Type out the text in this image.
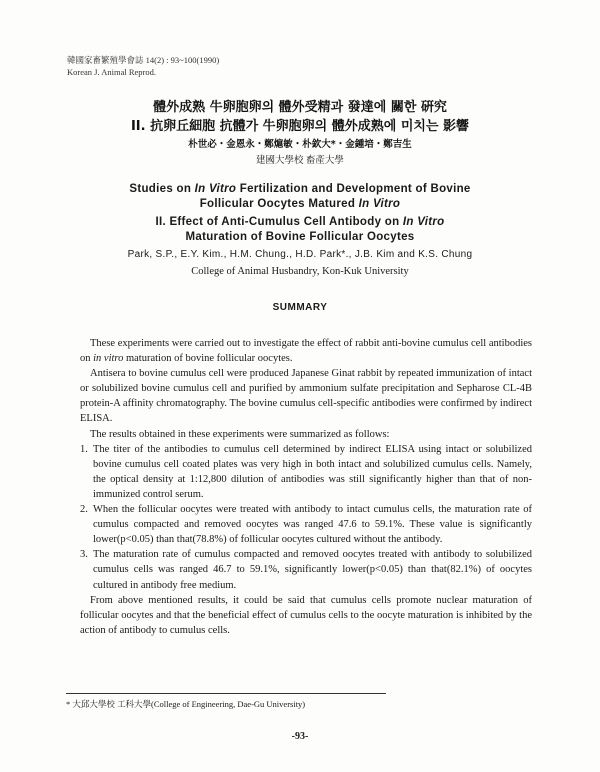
韓國家畜繁殖學會誌 14(2) : 93~100(1990)
Korean J. Animal Reprod.
體外成熟 牛卵胞卵의 體外受精과 發達에 關한 硏究
II. 抗卵丘細胞 抗體가 牛卵胞卵의 體外成熟에 미치는 影響
朴世必・金恩永・鄭熩敏・朴欽大*・金鍾培・鄭吉生
建國大學校 畜產大學
Studies on In Vitro Fertilization and Development of Bovine
Follicular Oocytes Matured In Vitro
II. Effect of Anti-Cumulus Cell Antibody on In Vitro
Maturation of Bovine Follicular Oocytes
Park, S.P., E.Y. Kim., H.M. Chung., H.D. Park*., J.B. Kim and K.S. Chung
College of Animal Husbandry, Kon-Kuk University
SUMMARY

These experiments were carried out to investigate the effect of rabbit anti-bovine cumulus cell antibodies on in vitro maturation of bovine follicular oocytes.

Antisera to bovine cumulus cell were produced Japanese Ginat rabbit by repeated immunization of intact or solubilized bovine cumulus cell and purified by ammonium sulfate precipitation and Sepharose CL-4B protein-A affinity chromatography. The bovine cumulus cell-specific antibodies were confirmed by indirect ELISA.

The results obtained in these experiments were summarized as follows:

1. The titer of the antibodies to cumulus cell determined by indirect ELISA using intact or solubilized bovine cumulus cell coated plates was very high in both intact and solubilized cumulus cells. Namely, the optical density at 1:12,800 dilution of antibodies was still significantly higher than that of non-immunized control serum.
2. When the follicular oocytes were treated with antibody to intact cumulus cells, the maturation rate of cumulus compacted and removed oocytes was ranged 47.6 to 59.1%. These value is significantly lower(p<0.05) than that(78.8%) of follicular oocytes cultured without the antibody.
3. The maturation rate of cumulus compacted and removed oocytes treated with antibody to solubilized cumulus cells was ranged 46.7 to 59.1%, significantly lower(p<0.05) than that(82.1%) of oocytes cultured in antibody free medium.

From above mentioned results, it could be said that cumulus cells promote nuclear maturation of follicular oocytes and that the beneficial effect of cumulus cells to the oocyte maturation is inhibited by the action of antibody to cumulus cells.

* 大邱大學校 工科大學(College of Engineering, Dae-Gu University)
-93-
